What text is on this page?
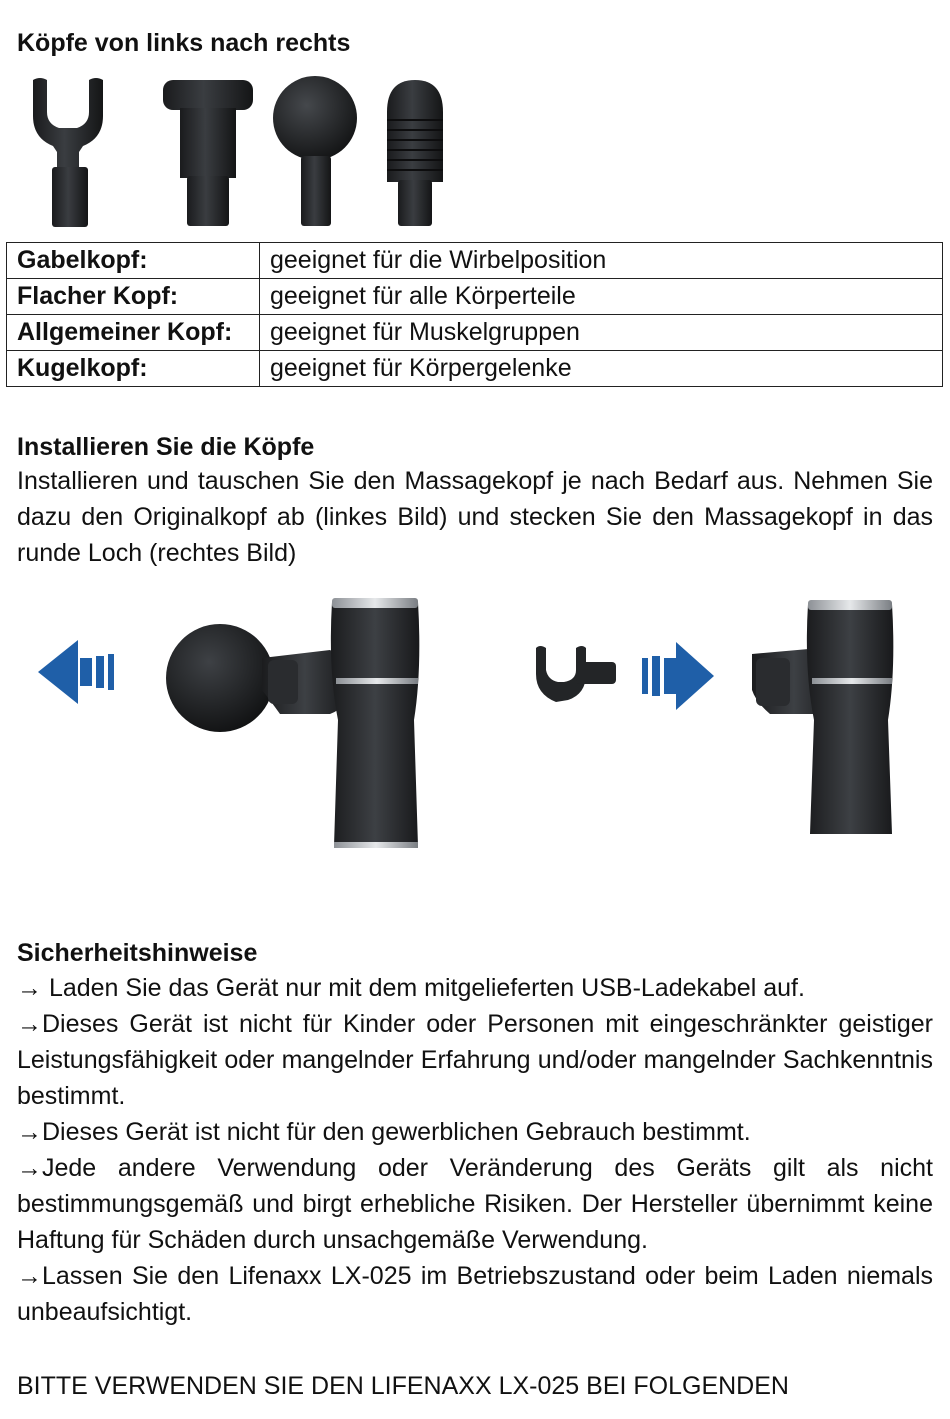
Köpfe von links nach rechts
Gabelkopf:	geeignet für die Wirbelposition
Flacher Kopf:	geeignet für alle Körperteile
Allgemeiner Kopf:	geeignet für Muskelgruppen
Kugelkopf:	geeignet für Körpergelenke
Installieren Sie die Köpfe

Installieren und tauschen Sie den Massagekopf je nach Bedarf aus. Nehmen Sie dazu den Originalkopf ab (linkes Bild) und stecken Sie den Massagekopf in das runde Loch (rechtes Bild)

Sicherheitshinweise

→ Laden Sie das Gerät nur mit dem mitgelieferten USB-Ladekabel auf.

→Dieses Gerät ist nicht für Kinder oder Personen mit eingeschränkter geistiger Leistungsfähigkeit oder mangelnder Erfahrung und/oder mangelnder Sachkenntnis bestimmt.

→Dieses Gerät ist nicht für den gewerblichen Gebrauch bestimmt.

→Jede andere Verwendung oder Veränderung des Geräts gilt als nicht bestimmungsgemäß und birgt erhebliche Risiken. Der Hersteller übernimmt keine Haftung für Schäden durch unsachgemäße Verwendung.

→Lassen Sie den Lifenaxx LX-025 im Betriebszustand oder beim Laden niemals unbeaufsichtigt.

BITTE VERWENDEN SIE DEN LIFENAXX LX-025 BEI FOLGENDEN
